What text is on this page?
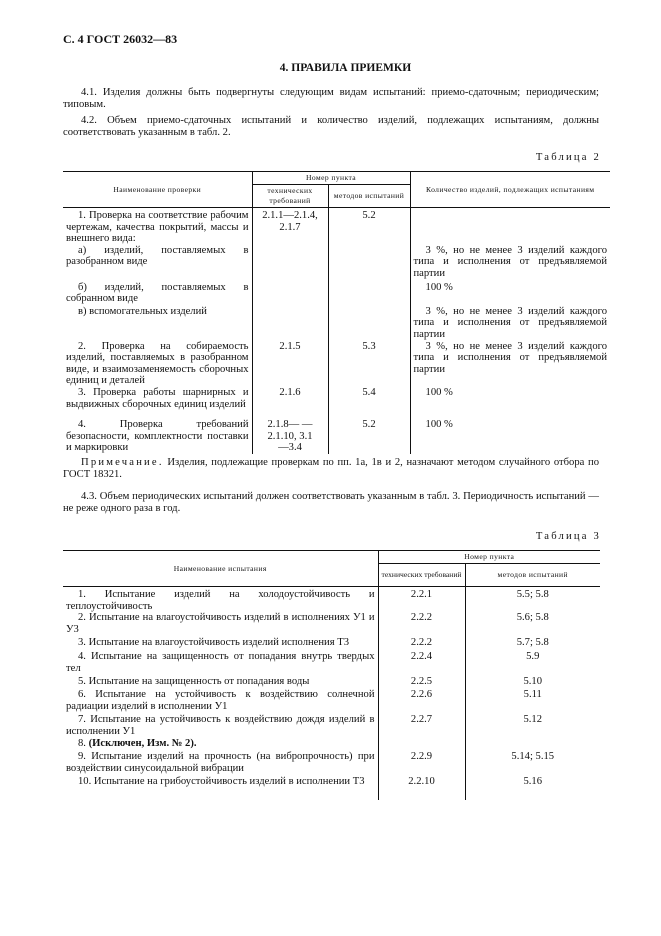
С. 4 ГОСТ 26032—83
4. ПРАВИЛА ПРИЕМКИ
4.1. Изделия должны быть подвергнуты следующим видам испытаний: приемо-сдаточным; периодическим; типовым.
4.2. Объем приемо-сдаточных испытаний и количество изделий, подлежащих испытаниям, должны соответствовать указанным в табл. 2.
Таблица 2
Наименование проверки	Номер пункта		Количество изделий, подлежащих испытаниям
	технических требований	методов испытаний	
1. Проверка на соответствие рабочим чертежам, качества покрытий, массы и внешнего вида:	2.1.1—2.1.4, 2.1.7	5.2	
а) изделий, поставляемых в разобранном виде			3 %, но не менее 3 изделий каждого типа и исполнения от предъявляемой партии
б) изделий, поставляемых в собранном виде			100 %
в) вспомогательных изделий			3 %, но не менее 3 изделий каждого типа и исполнения от предъявляемой партии
2. Проверка на собираемость изделий, поставляемых в разобранном виде, и взаимозаменяемость сборочных единиц и деталей	2.1.5	5.3	3 %, но не менее 3 изделий каждого типа и исполнения от предъявляемой партии
3. Проверка работы шарнирных и выдвижных сборочных единиц изделий	2.1.6	5.4	100 %
4. Проверка требований безопасности, комплектности поставки и маркировки	2.1.8— —2.1.10, 3.1—3.4	5.2	100 %
Примечание. Изделия, подлежащие проверкам по пп. 1а, 1в и 2, назначают методом случайного отбора по ГОСТ 18321.
4.3. Объем периодических испытаний должен соответствовать указанным в табл. 3. Периодичность испытаний — не реже одного раза в год.
Таблица 3
Наименование испытания	Номер пункта	
	технических требований	методов испытаний
1. Испытание изделий на холодоустойчивость и теплоустойчивость	2.2.1	5.5; 5.8
2. Испытание на влагоустойчивость изделий в исполнениях У1 и У3	2.2.2	5.6; 5.8
3. Испытание на влагоустойчивость изделий исполнения Т3	2.2.2	5.7; 5.8
4. Испытание на защищенность от попадания внутрь твердых тел	2.2.4	5.9
5. Испытание на защищенность от попадания воды	2.2.5	5.10
6. Испытание на устойчивость к воздействию солнечной радиации изделий в исполнении У1	2.2.6	5.11
7. Испытание на устойчивость к воздействию дождя изделий в исполнении У1	2.2.7	5.12
8. (Исключен, Изм. № 2).		
9. Испытание изделий на прочность (на вибропрочность) при воздействии синусоидальной вибрации	2.2.9	5.14; 5.15
10. Испытание на грибоустойчивость изделий в исполнении Т3	2.2.10	5.16
